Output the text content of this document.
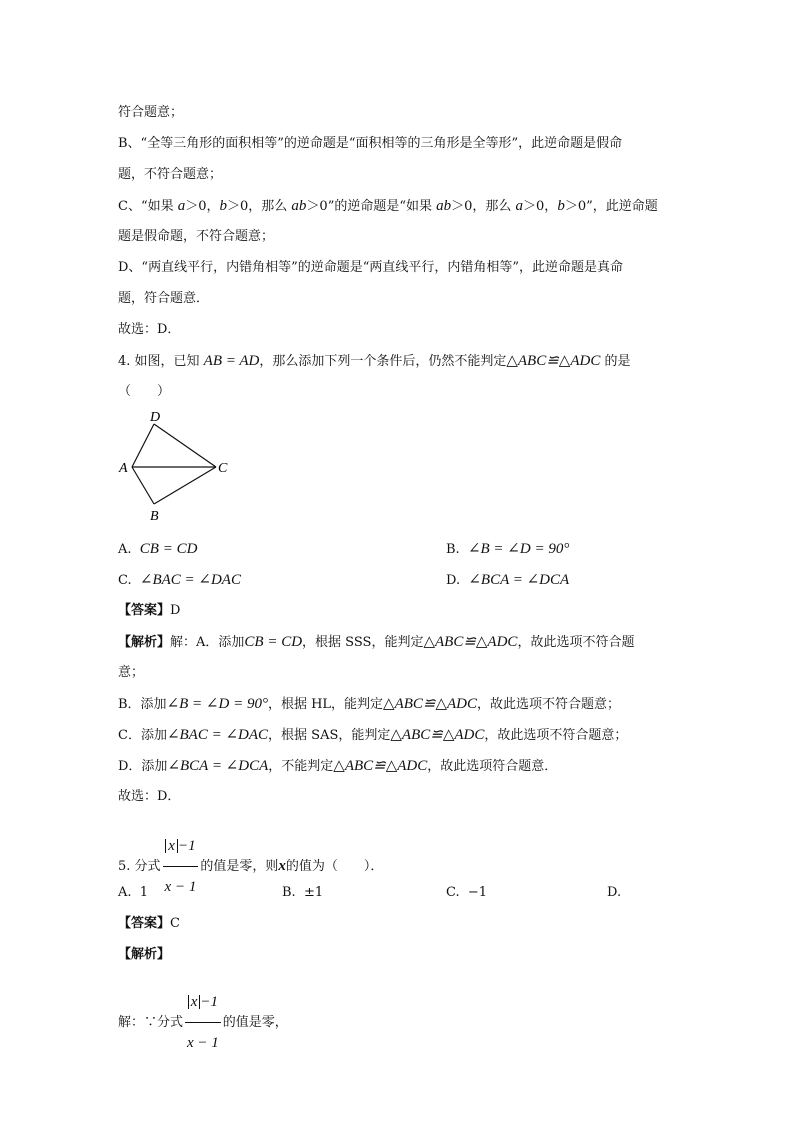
符合题意；
B、“全等三角形的面积相等”的逆命题是“面积相等的三角形是全等形”，此逆命题是假命
题，不符合题意；
C、“如果 a＞0，b＞0，那么 ab＞0”的逆命题是“如果 ab＞0，那么 a＞0，b＞0”，此逆命题
题是假命题，不符合题意；
D、“两直线平行，内错角相等”的逆命题是“两直线平行，内错角相等”，此逆命题是真命
题，符合题意．
故选：D．
4. 如图，已知 AB = AD，那么添加下列一个条件后，仍然不能判定△ABC≌△ADC 的是
（　　）
D
A	C
B
A. CB = CD	B. ∠B = ∠D = 90°
C. ∠BAC = ∠DAC	D. ∠BCA = ∠DCA
【答案】D
【解析】解：A．添加CB = CD，根据 SSS，能判定△ABC≌△ADC，故此选项不符合题
意；
B．添加∠B = ∠D = 90°，根据 HL，能判定△ABC≌△ADC，故此选项不符合题意；
C．添加∠BAC = ∠DAC，根据 SAS，能判定△ABC≌△ADC，故此选项不符合题意；
D．添加∠BCA = ∠DCA，不能判定△ABC≌△ADC，故此选项符合题意．
故选：D．
5. 分式 $\frac{x -1}{x - 1}$ 的值是零，则x的值为（　　）．
A. 1	B. ±1	C. −1	D.
【答案】C
【解析】
解：∵分式 $\frac{x -1}{x - 1}$ 的值是零，
